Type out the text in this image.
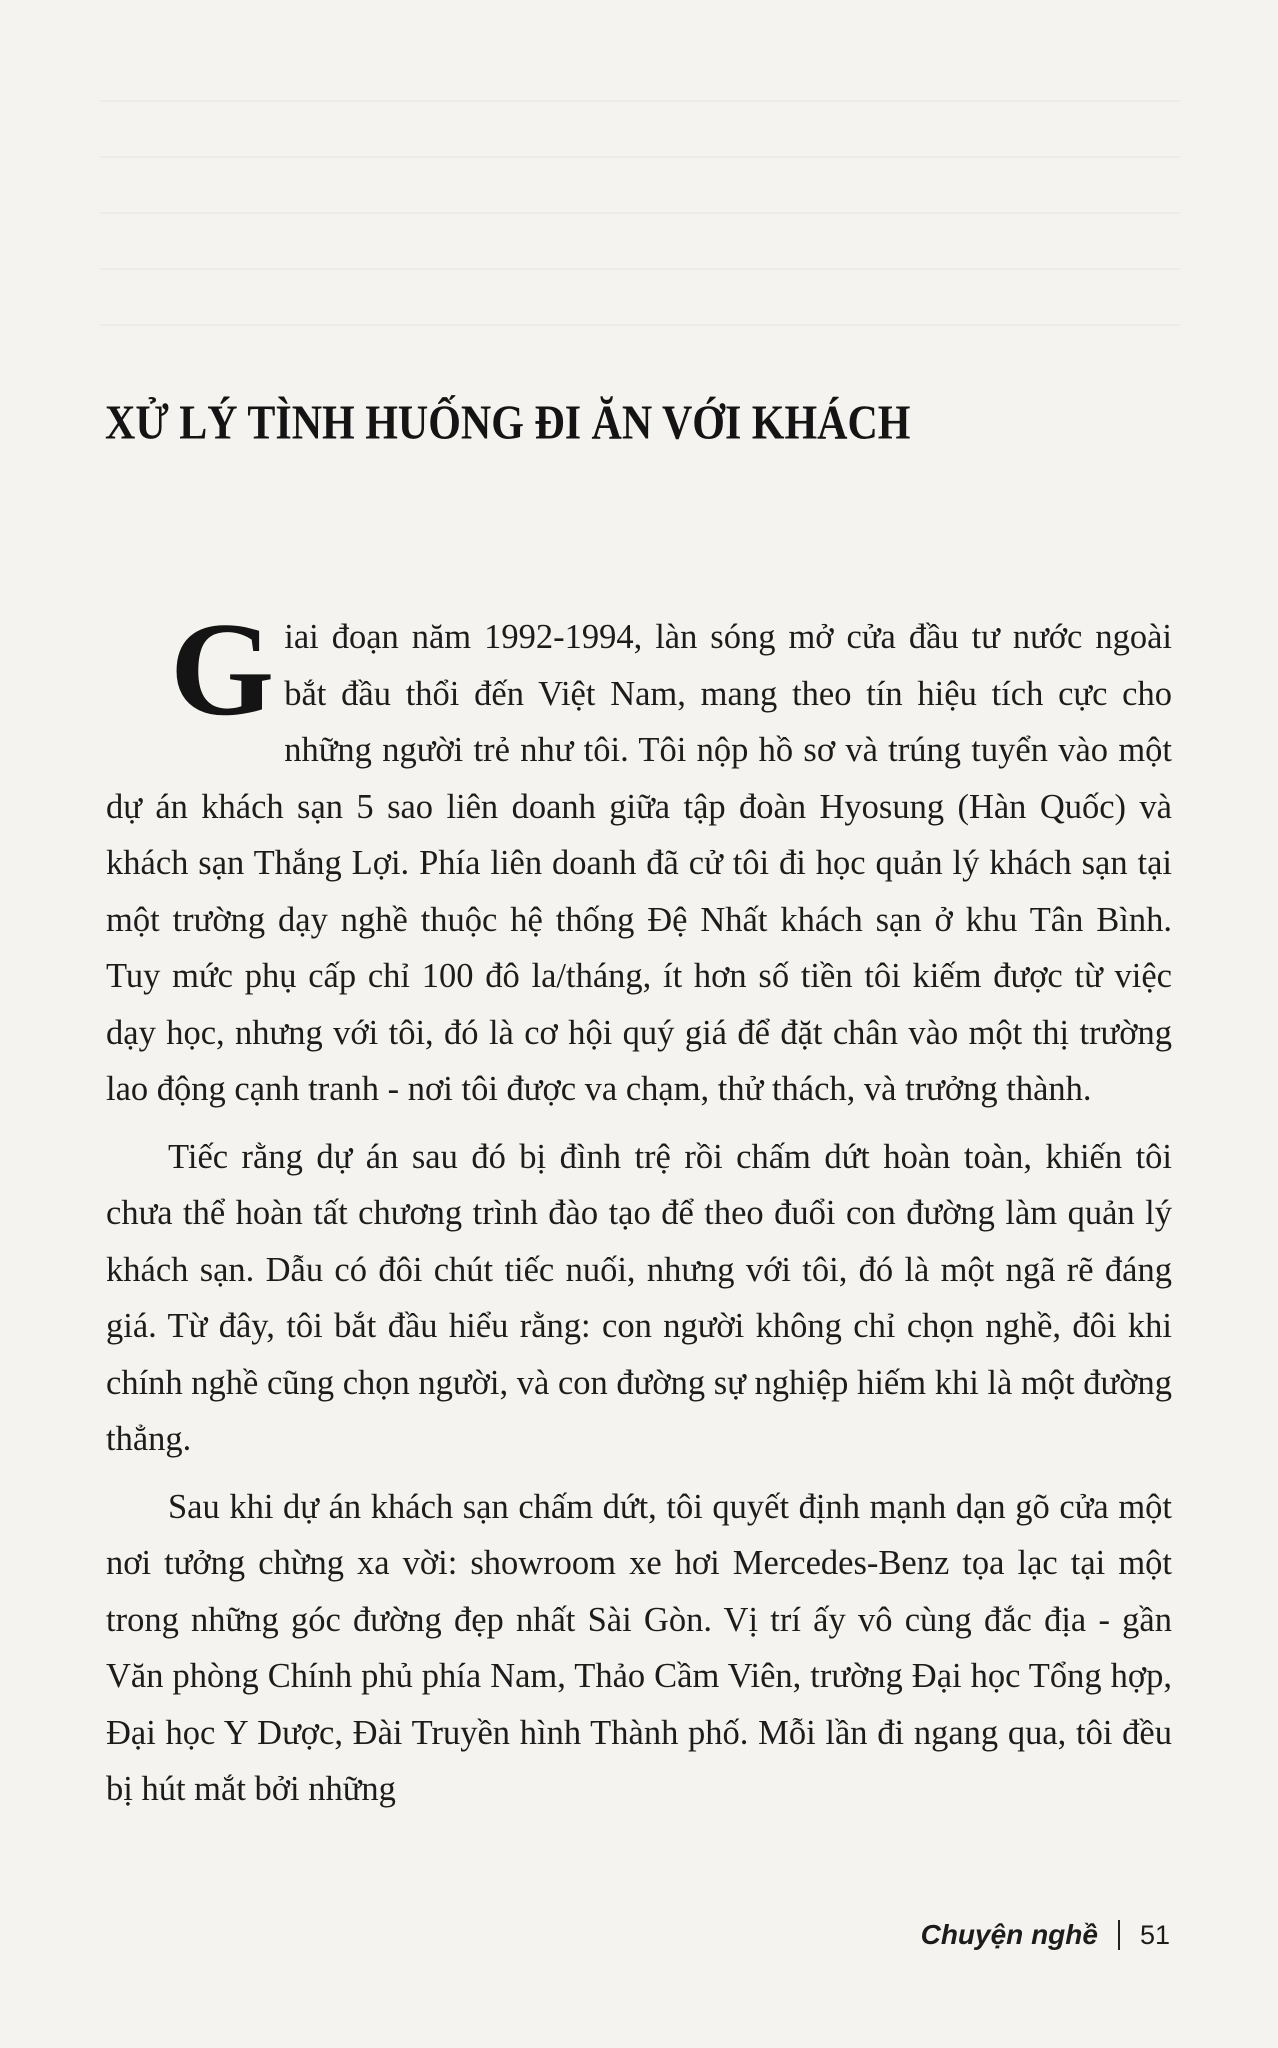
XỬ LÝ TÌNH HUỐNG ĐI ĂN VỚI KHÁCH

Giai đoạn năm 1992-1994, làn sóng mở cửa đầu tư nước ngoài bắt đầu thổi đến Việt Nam, mang theo tín hiệu tích cực cho những người trẻ như tôi. Tôi nộp hồ sơ và trúng tuyển vào một dự án khách sạn 5 sao liên doanh giữa tập đoàn Hyosung (Hàn Quốc) và khách sạn Thắng Lợi. Phía liên doanh đã cử tôi đi học quản lý khách sạn tại một trường dạy nghề thuộc hệ thống Đệ Nhất khách sạn ở khu Tân Bình. Tuy mức phụ cấp chỉ 100 đô la/tháng, ít hơn số tiền tôi kiếm được từ việc dạy học, nhưng với tôi, đó là cơ hội quý giá để đặt chân vào một thị trường lao động cạnh tranh - nơi tôi được va chạm, thử thách, và trưởng thành.

Tiếc rằng dự án sau đó bị đình trệ rồi chấm dứt hoàn toàn, khiến tôi chưa thể hoàn tất chương trình đào tạo để theo đuổi con đường làm quản lý khách sạn. Dẫu có đôi chút tiếc nuối, nhưng với tôi, đó là một ngã rẽ đáng giá. Từ đây, tôi bắt đầu hiểu rằng: con người không chỉ chọn nghề, đôi khi chính nghề cũng chọn người, và con đường sự nghiệp hiếm khi là một đường thẳng.

Sau khi dự án khách sạn chấm dứt, tôi quyết định mạnh dạn gõ cửa một nơi tưởng chừng xa vời: showroom xe hơi Mercedes-Benz tọa lạc tại một trong những góc đường đẹp nhất Sài Gòn. Vị trí ấy vô cùng đắc địa - gần Văn phòng Chính phủ phía Nam, Thảo Cầm Viên, trường Đại học Tổng hợp, Đại học Y Dược, Đài Truyền hình Thành phố. Mỗi lần đi ngang qua, tôi đều bị hút mắt bởi những

Chuyện nghề 51
